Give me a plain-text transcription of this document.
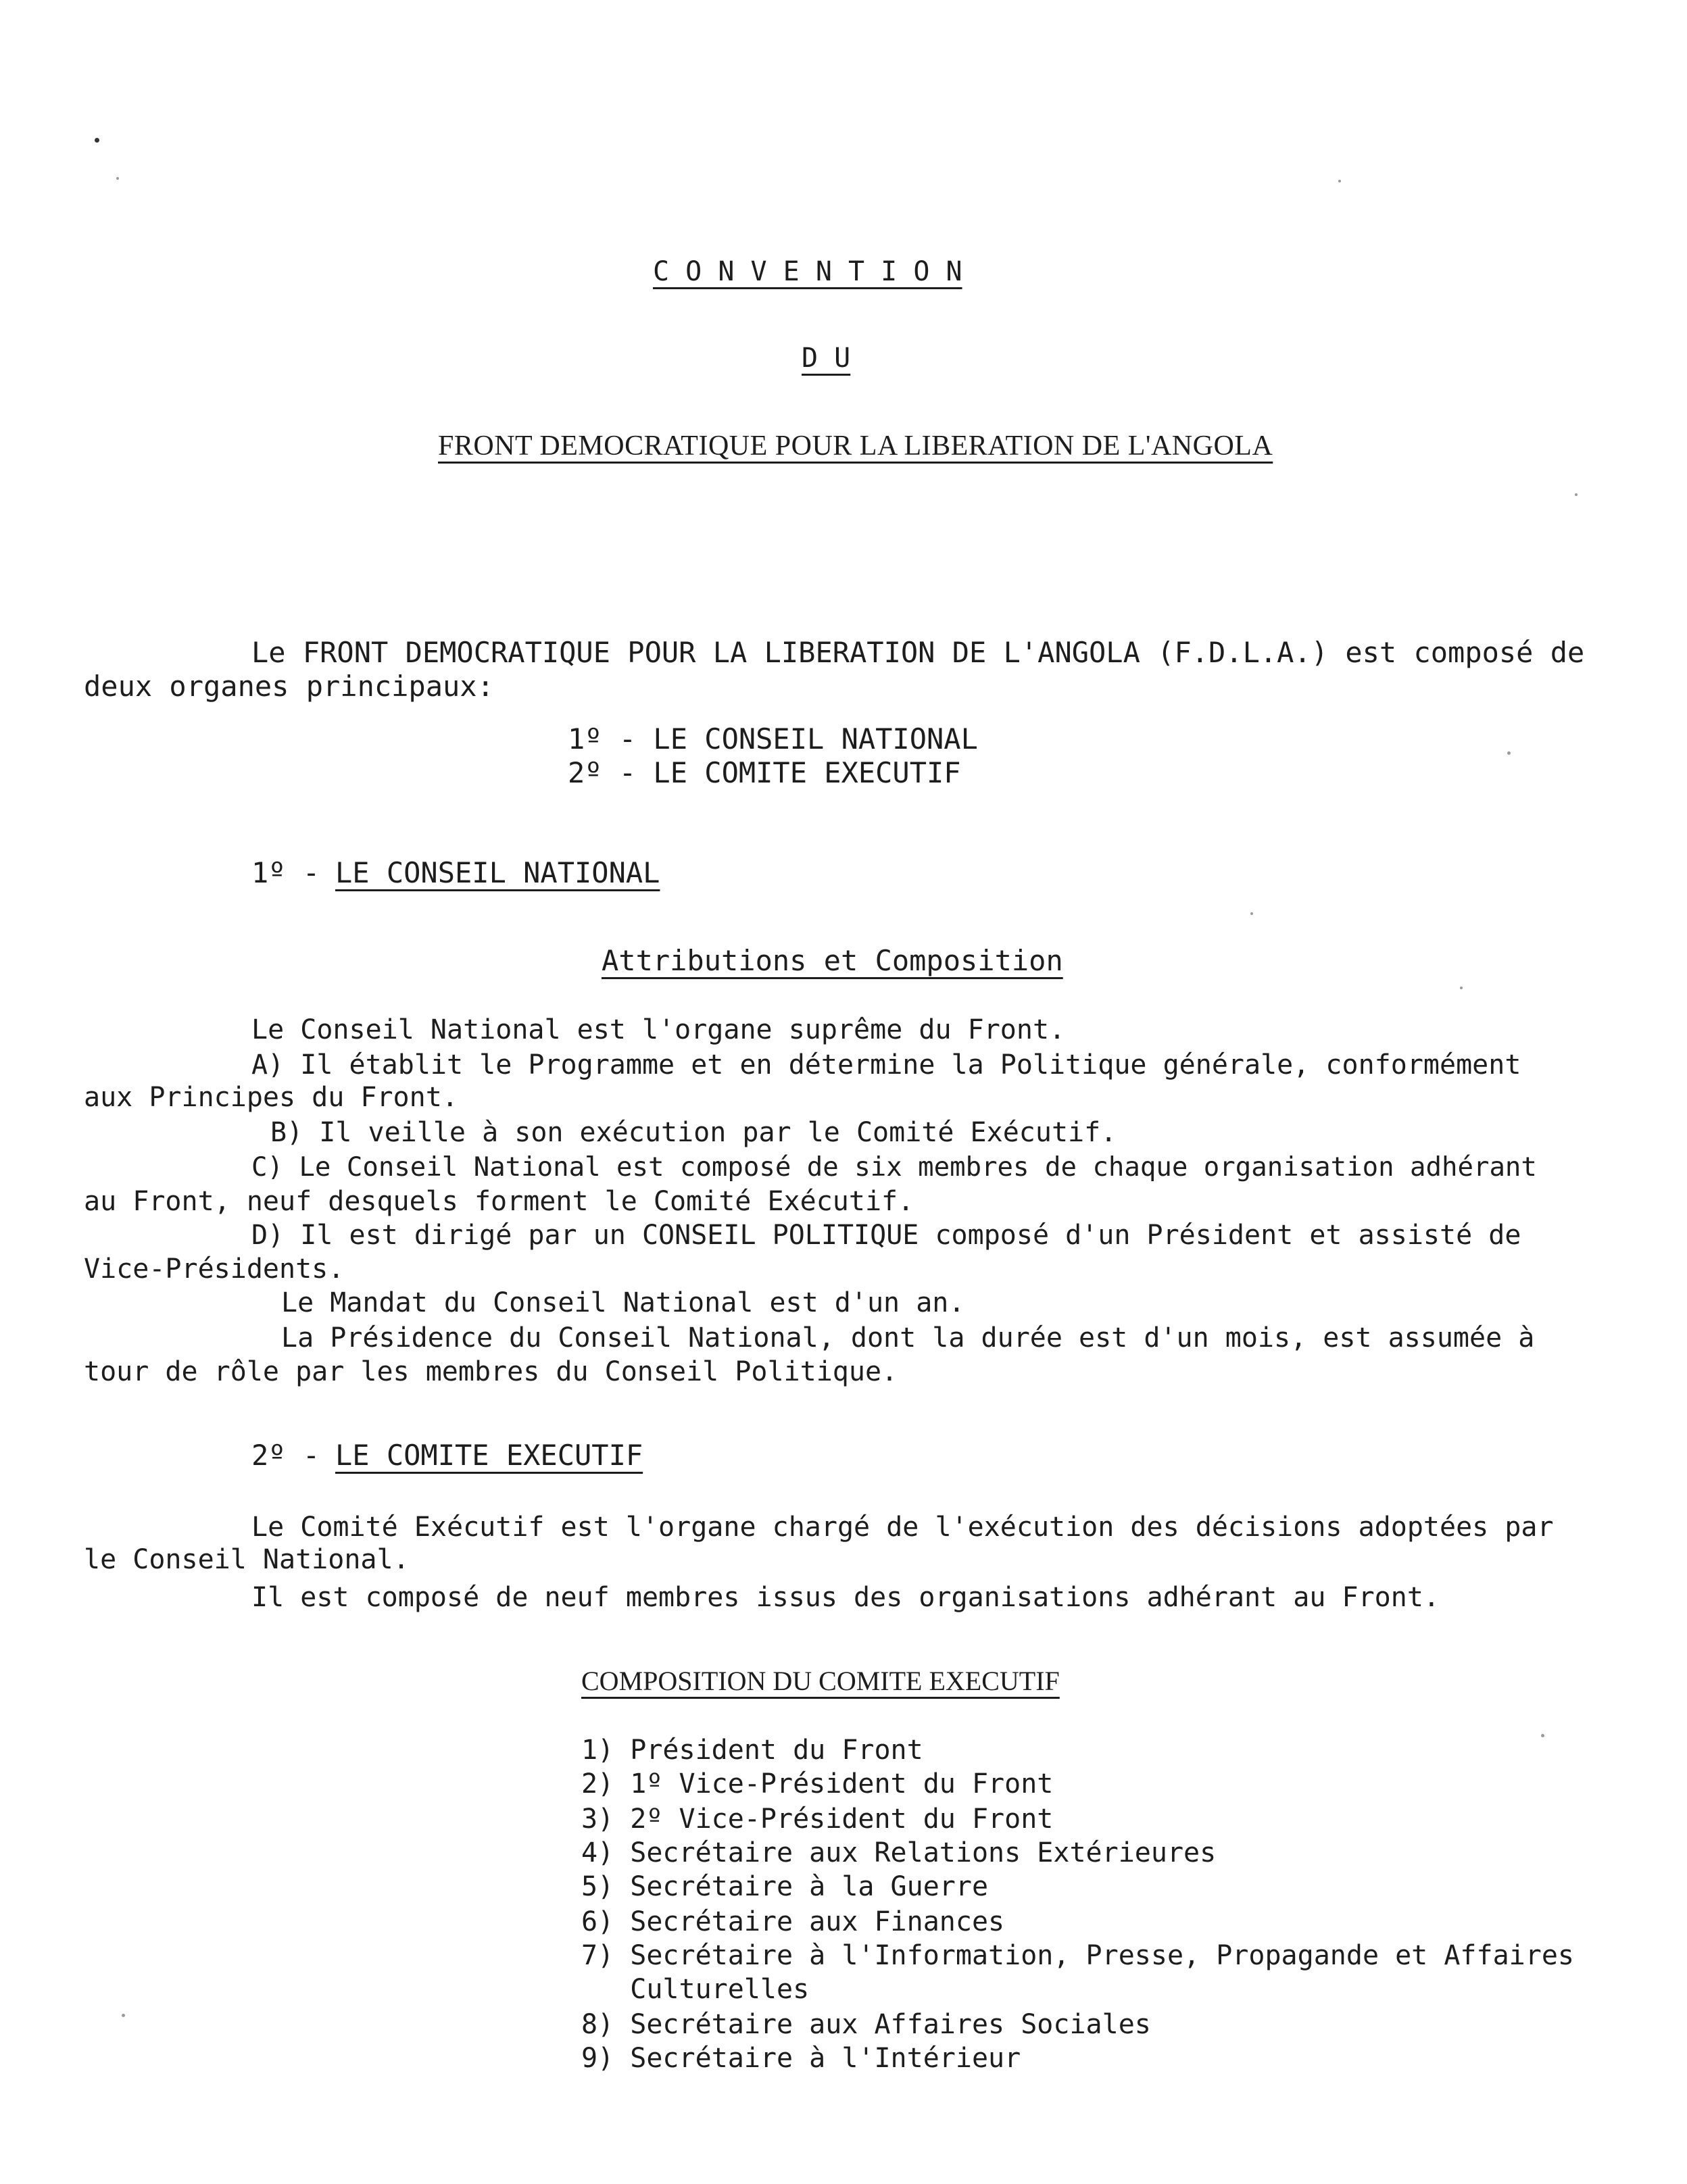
C O N V E N T I O N
D U
FRONT DEMOCRATIQUE POUR LA LIBERATION DE L'ANGOLA
Le FRONT DEMOCRATIQUE POUR LA LIBERATION DE L'ANGOLA (F.D.L.A.) est composé de
deux organes principaux:
1º - LE CONSEIL NATIONAL
2º - LE COMITE EXECUTIF
1º - LE CONSEIL NATIONAL
Attributions et Composition
Le Conseil National est l'organe suprême du Front.
A) Il établit le Programme et en détermine la Politique générale, conformément
aux Principes du Front.
B) Il veille à son exécution par le Comité Exécutif.
C) Le Conseil National est composé de six membres de chaque organisation adhérant
au Front, neuf desquels forment le Comité Exécutif.
D) Il est dirigé par un CONSEIL POLITIQUE composé d'un Président et assisté de
Vice-Présidents.
Le Mandat du Conseil National est d'un an.
La Présidence du Conseil National, dont la durée est d'un mois, est assumée à
tour de rôle par les membres du Conseil Politique.
2º - LE COMITE EXECUTIF
Le Comité Exécutif est l'organe chargé de l'exécution des décisions adoptées par
le Conseil National.
Il est composé de neuf membres issus des organisations adhérant au Front.
COMPOSITION DU COMITE EXECUTIF
1) Président du Front
2) 1º Vice-Président du Front
3) 2º Vice-Président du Front
4) Secrétaire aux Relations Extérieures
5) Secrétaire à la Guerre
6) Secrétaire aux Finances
7) Secrétaire à l'Information, Presse, Propagande et Affaires
Culturelles
8) Secrétaire aux Affaires Sociales
9) Secrétaire à l'Intérieur
